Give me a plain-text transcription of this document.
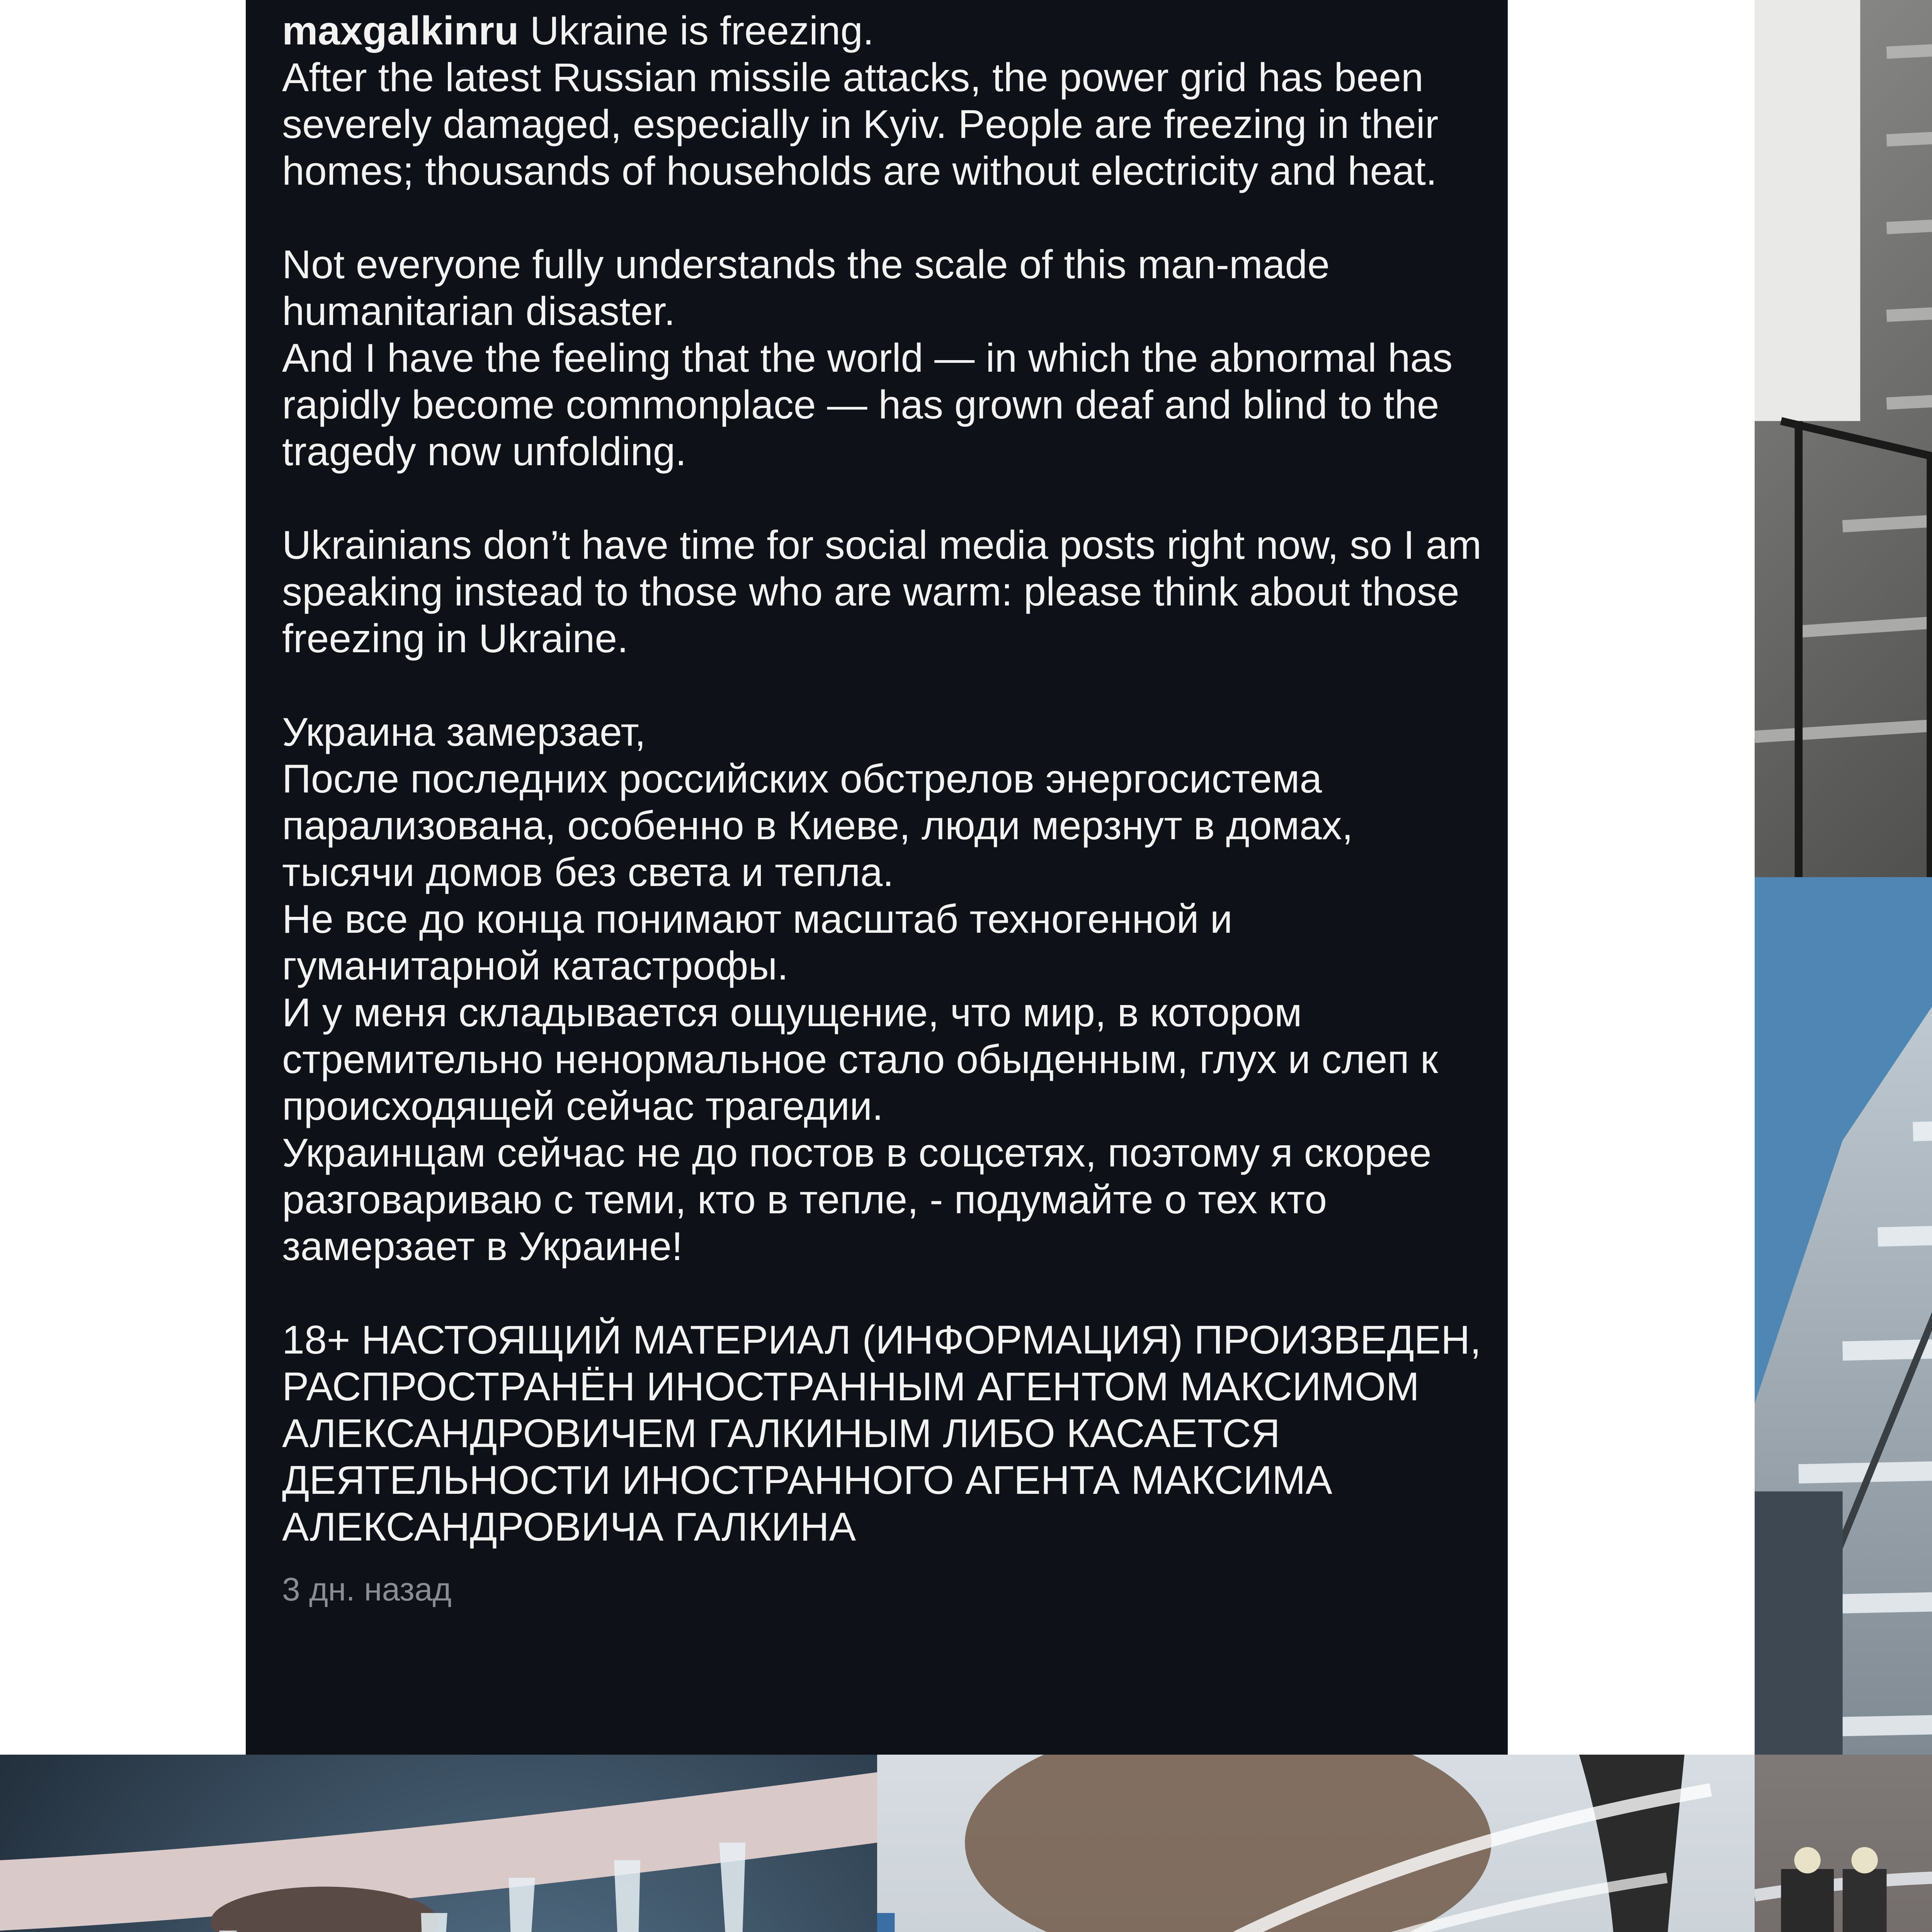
maxgalkinru Ukraine is freezing.

After the latest Russian missile attacks, the power grid has been severely damaged, especially in Kyiv. People are freezing in their homes; thousands of households are without electricity and heat.

Not everyone fully understands the scale of this man-made humanitarian disaster.

And I have the feeling that the world — in which the abnormal has rapidly become commonplace — has grown deaf and blind to the tragedy now unfolding.

Ukrainians don’t have time for social media posts right now, so I am speaking instead to those who are warm: please think about those freezing in Ukraine.

Украина замерзает,

После последних российских обстрелов энергосистема парализована, особенно в Киеве, люди мерзнут в домах, тысячи домов без света и тепла.

Не все до конца понимают масштаб техногенной и гуманитарной катастрофы.

И у меня складывается ощущение, что мир, в котором стремительно ненормальное стало обыденным, глух и слеп к происходящей сейчас трагедии.

Украинцам сейчас не до постов в соцсетях, поэтому я скорее разговариваю с теми, кто в тепле, - подумайте о тех кто замерзает в Украине!

18+ НАСТОЯЩИЙ МАТЕРИАЛ (ИНФОРМАЦИЯ) ПРОИЗВЕДЕН, РАСПРОСТРАНЁН ИНОСТРАННЫМ АГЕНТОМ МАКСИМОМ АЛЕКСАНДРОВИЧЕМ ГАЛКИНЫМ ЛИБО КАСАЕТСЯ ДЕЯТЕЛЬНОСТИ ИНОСТРАННОГО АГЕНТА МАКСИМА АЛЕКСАНДРОВИЧА ГАЛКИНА

3 дн. назад
